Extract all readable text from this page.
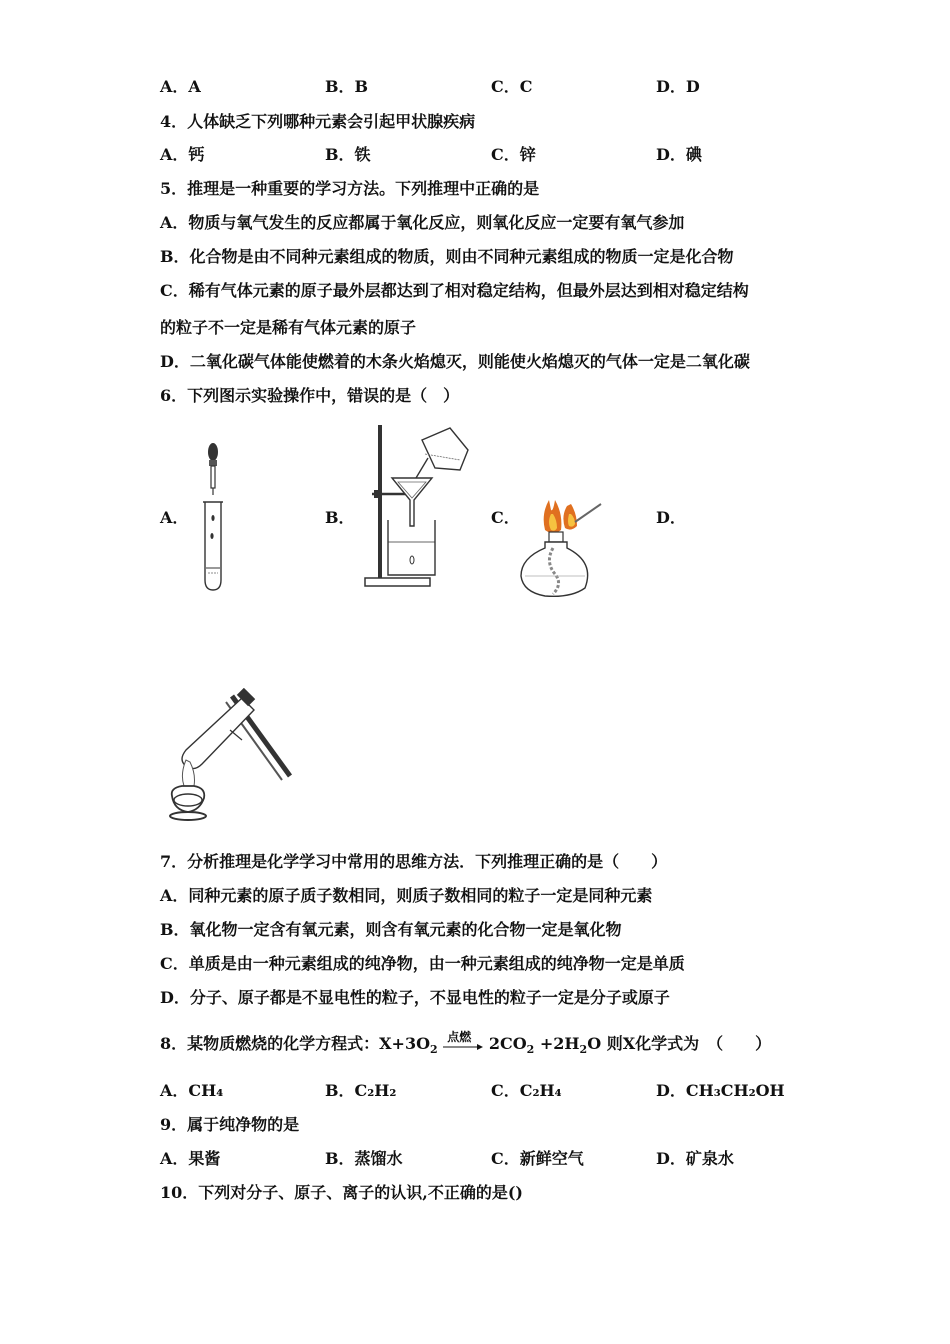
A．A	B．B	C．C	D．D
4．人体缺乏下列哪种元素会引起甲状腺疾病
A．钙	B．铁	C．锌	D．碘
5．推理是一种重要的学习方法。下列推理中正确的是
A．物质与氧气发生的反应都属于氧化反应，则氧化反应一定要有氧气参加
B．化合物是由不同种元素组成的物质，则由不同种元素组成的物质一定是化合物
C．稀有气体元素的原子最外层都达到了相对稳定结构，但最外层达到相对稳定结构
的粒子不一定是稀有气体元素的原子
D．二氧化碳气体能使燃着的木条火焰熄灭，则能使火焰熄灭的气体一定是二氧化碳
6．下列图示实验操作中，错误的是（　）
A．	B．	C．	D．
7．分析推理是化学学习中常用的思维方法．下列推理正确的是（　　）
A．同种元素的原子质子数相同，则质子数相同的粒子一定是同种元素
B．氧化物一定含有氧元素，则含有氧元素的化合物一定是氧化物
C．单质是由一种元素组成的纯净物，由一种元素组成的纯净物一定是单质
D．分子、原子都是不显电性的粒子，不显电性的粒子一定是分子或原子
8．某物质燃烧的化学方程式：$X+3O_2$
点燃 $2CO_2 +2H_2O$ 则X化学式为　（　　）
A．CH₄	B．C₂H₂	C．C₂H₄	D．CH₃CH₂OH
9．属于纯净物的是
A．果酱	B．蒸馏水	C．新鲜空气	D．矿泉水
10．下列对分子、原子、离子的认识,不正确的是()
